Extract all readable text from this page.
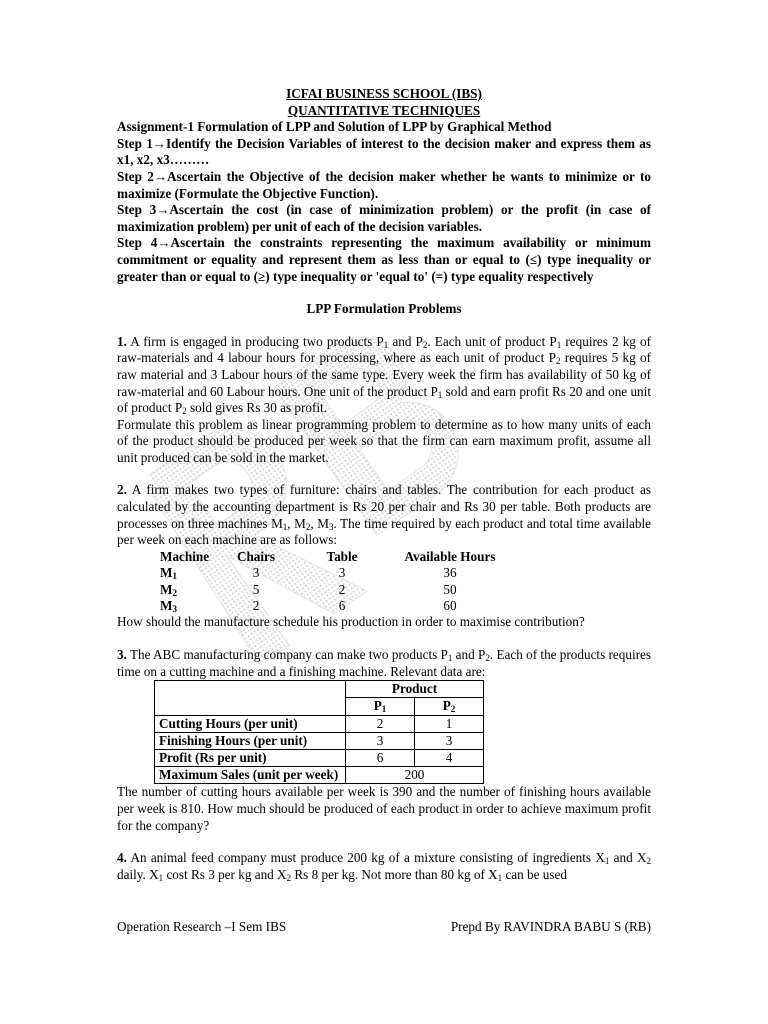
ICFAI BUSINESS SCHOOL (IBS)
QUANTITATIVE TECHNIQUES

Assignment-1 Formulation of LPP and Solution of LPP by Graphical Method

Step 1→Identify the Decision Variables of interest to the decision maker and express them as x1, x2, x3………

Step 2→Ascertain the Objective of the decision maker whether he wants to minimize or to maximize (Formulate the Objective Function).

Step 3→Ascertain the cost (in case of minimization problem) or the profit (in case of maximization problem) per unit of each of the decision variables.

Step 4→Ascertain the constraints representing the maximum availability or minimum commitment or equality and represent them as less than or equal to (≤) type inequality or greater than or equal to (≥) type inequality or 'equal to' (=) type equality respectively

LPP Formulation Problems

1. A firm is engaged in producing two products $P_1$ and $P_2$. Each unit of product $P_1$ requires 2 kg of raw-materials and 4 labour hours for processing, where as each unit of product $P_2$ requires 5 kg of raw material and 3 Labour hours of the same type. Every week the firm has availability of 50 kg of raw-material and 60 Labour hours. One unit of the product $P_1$ sold and earn profit Rs 20 and one unit of product $P_2$ sold gives Rs 30 as profit.

Formulate this problem as linear programming problem to determine as to how many units of each of the product should be produced per week so that the firm can earn maximum profit, assume all unit produced can be sold in the market.

2. A firm makes two types of furniture: chairs and tables. The contribution for each product as calculated by the accounting department is Rs 20 per chair and Rs 30 per table. Both products are processes on three machines $M_1$, $M_2$, $M_3$. The time required by each product and total time available per week on each machine are as follows:

Machine	Chairs	Table	Available Hours
$M_1$	3	3	36
$M_2$	5	2	50
$M_3$	2	6	60

How should the manufacture schedule his production in order to maximise contribution?

3. The ABC manufacturing company can make two products $P_1$ and $P_2$. Each of the products requires time on a cutting machine and a finishing machine. Relevant data are:

	Product	
	$P_1$	$P_2$
Cutting Hours (per unit)	2	1
Finishing Hours (per unit)	3	3
Profit (Rs per unit)	6	4
Maximum Sales (unit per week)	200	

The number of cutting hours available per week is 390 and the number of finishing hours available per week is 810. How much should be produced of each product in order to achieve maximum profit for the company?

4. An animal feed company must produce 200 kg of a mixture consisting of ingredients $X_1$ and $X_2$ daily. $X_1$ cost Rs 3 per kg and $X_2$ Rs 8 per kg. Not more than 80 kg of $X_1$ can be used

Operation Research –I Sem IBS	Prepd By RAVINDRA BABU S (RB)
